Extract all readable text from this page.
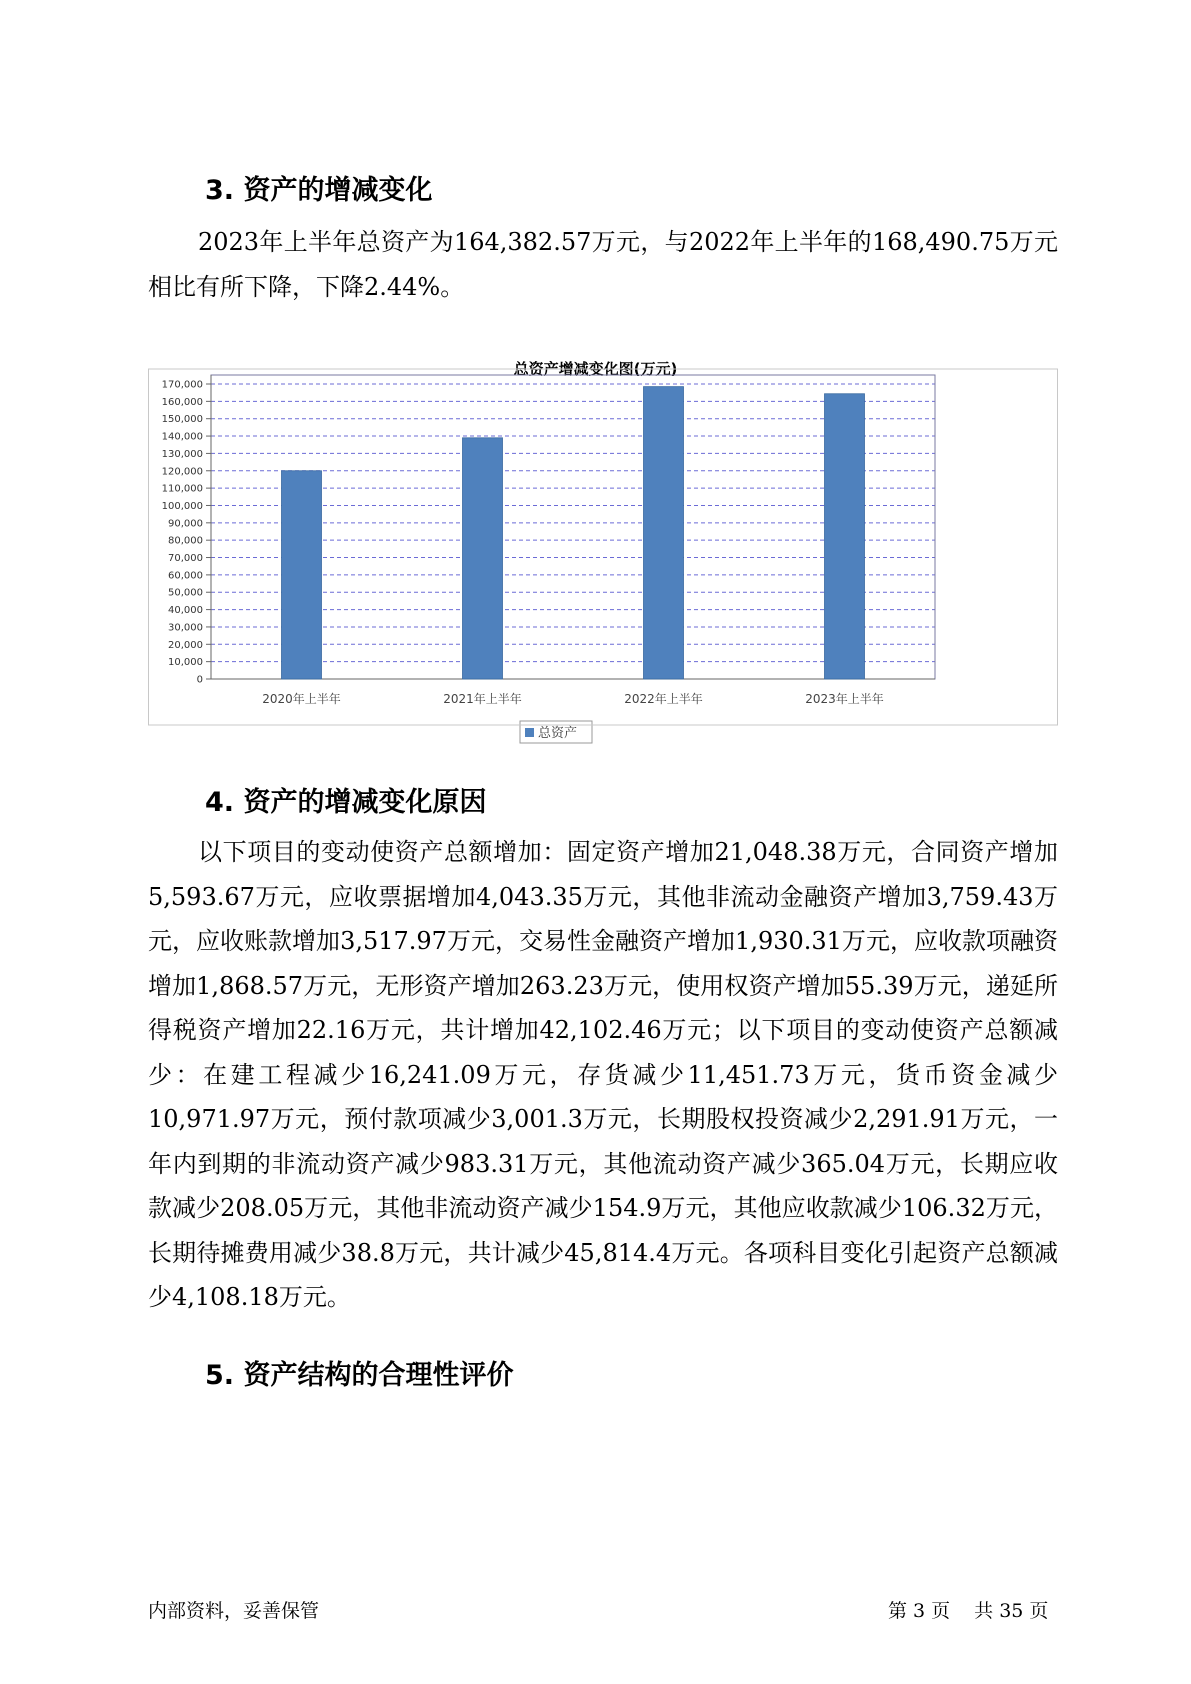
3. 资产的增减变化

2023年上半年总资产为164,382.57万元，与2022年上半年的168,490.75万元相比有所下降，下降2.44%。

总资产增减变化图(万元)
0
10,000
20,000
30,000
40,000
50,000
60,000
70,000
80,000
90,000
100,000
110,000
120,000
130,000
140,000
150,000
160,000
170,000
2020年上半年	2021年上半年	2022年上半年	2023年上半年
总资产
4. 资产的增减变化原因

以下项目的变动使资产总额增加：固定资产增加21,048.38万元，合同资产增加5,593.67万元，应收票据增加4,043.35万元，其他非流动金融资产增加3,759.43万元，应收账款增加3,517.97万元，交易性金融资产增加1,930.31万元，应收款项融资增加1,868.57万元，无形资产增加263.23万元，使用权资产增加55.39万元，递延所得税资产增加22.16万元，共计增加42,102.46万元；以下项目的变动使资产总额减少：在建工程减少16,241.09万元，存货减少11,451.73万元，货币资金减少10,971.97万元，预付款项减少3,001.3万元，长期股权投资减少2,291.91万元，一年内到期的非流动资产减少983.31万元，其他流动资产减少365.04万元，长期应收款减少208.05万元，其他非流动资产减少154.9万元，其他应收款减少106.32万元，长期待摊费用减少38.8万元，共计减少45,814.4万元。各项科目变化引起资产总额减少4,108.18万元。

5. 资产结构的合理性评价
内部资料，妥善保管	第 3 页 共 35 页
